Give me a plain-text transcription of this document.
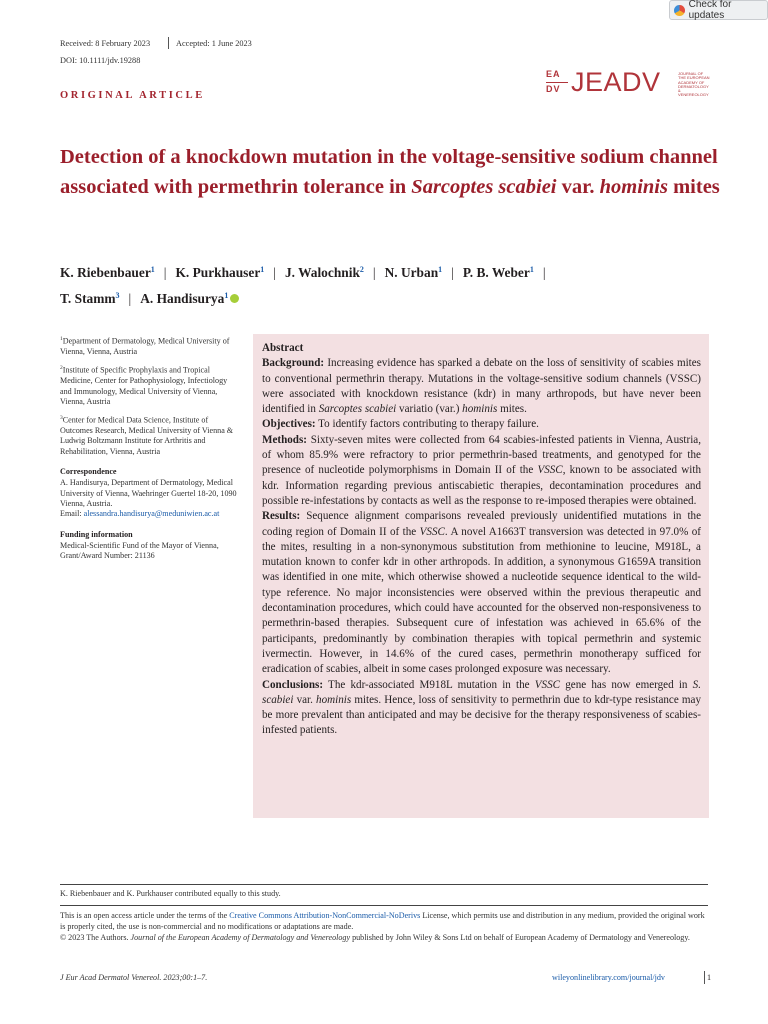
Check for updates
Received: 8 February 2023	Accepted: 1 June 2023
DOI: 10.1111/jdv.19288
EA
DV JEADV	JOURNAL OF THE EUROPEAN ACADEMY OF DERMATOLOGY & VENEREOLOGY
ORIGINAL ARTICLE
Detection of a knockdown mutation in the voltage-sensitive sodium channel associated with permethrin tolerance in Sarcoptes scabiei var. hominis mites
K. Riebenbauer$^1$ | K. Purkhauser$^1$ | J. Walochnik$^2$ | N. Urban$^1$ | P. B. Weber$^1$ |
T. Stamm$^3$ | A. Handisurya$^1$

$^1$Department of Dermatology, Medical University of Vienna, Vienna, Austria

$^2$Institute of Specific Prophylaxis and Tropical Medicine, Center for Pathophysiology, Infectiology and Immunology, Medical University of Vienna, Vienna, Austria

$^3$Center for Medical Data Science, Institute of Outcomes Research, Medical University of Vienna & Ludwig Boltzmann Institute for Arthritis and Rehabilitation, Vienna, Austria

Correspondence
A. Handisurya, Department of Dermatology, Medical University of Vienna, Waehringer Guertel 18-20, 1090 Vienna, Austria.
Email: alessandra.handisurya@meduniwien.ac.at
Funding information
Medical-Scientific Fund of the Mayor of Vienna, Grant/Award Number: 21136

Abstract

Background: Increasing evidence has sparked a debate on the loss of sensitivity of scabies mites to conventional permethrin therapy. Mutations in the voltage-sensitive sodium channels (VSSC) were associated with knockdown resistance (kdr) in many arthropods, but have never been identified in Sarcoptes scabiei variatio (var.) hominis mites.

Objectives: To identify factors contributing to therapy failure.

Methods: Sixty-seven mites were collected from 64 scabies-infested patients in Vienna, Austria, of whom 85.9% were refractory to prior permethrin-based treatments, and genotyped for the presence of nucleotide polymorphisms in Domain II of the VSSC, known to be associated with kdr. Information regarding previous antiscabietic therapies, decontamination procedures and possible re-infestations by contacts as well as the response to re-imposed therapies were obtained.

Results: Sequence alignment comparisons revealed previously unidentified mutations in the coding region of Domain II of the VSSC. A novel A1663T transversion was detected in 97.0% of the mites, resulting in a non-synonymous substitution from methionine to leucine, M918L, a mutation known to confer kdr in other arthropods. In addition, a synonymous G1659A transition was identified in one mite, which otherwise showed a nucleotide sequence identical to the wild-type reference. No major inconsistencies were observed within the previous therapeutic and decontamination procedures, which could have accounted for the observed non-responsiveness to permethrin-based therapies. Subsequent cure of infestation was achieved in 65.6% of the participants, predominantly by combination therapies with topical permethrin and systemic ivermectin. However, in 14.6% of the cured cases, permethrin monotherapy sufficed for eradication of scabies, albeit in some cases prolonged exposure was necessary.

Conclusions: The kdr-associated M918L mutation in the VSSC gene has now emerged in S. scabiei var. hominis mites. Hence, loss of sensitivity to permethrin due to kdr-type resistance may be more prevalent than anticipated and may be decisive for the therapy responsiveness of scabies-infested patients.

K. Riebenbauer and K. Purkhauser contributed equally to this study.
This is an open access article under the terms of the Creative Commons Attribution-NonCommercial-NoDerivs License, which permits use and distribution in any medium, provided the original work is properly cited, the use is non-commercial and no modifications or adaptations are made.
© 2023 The Authors. Journal of the European Academy of Dermatology and Venereology published by John Wiley & Sons Ltd on behalf of European Academy of Dermatology and Venereology.
J Eur Acad Dermatol Venereol. 2023;00:1–7.	wileyonlinelibrary.com/journal/jdv	1
